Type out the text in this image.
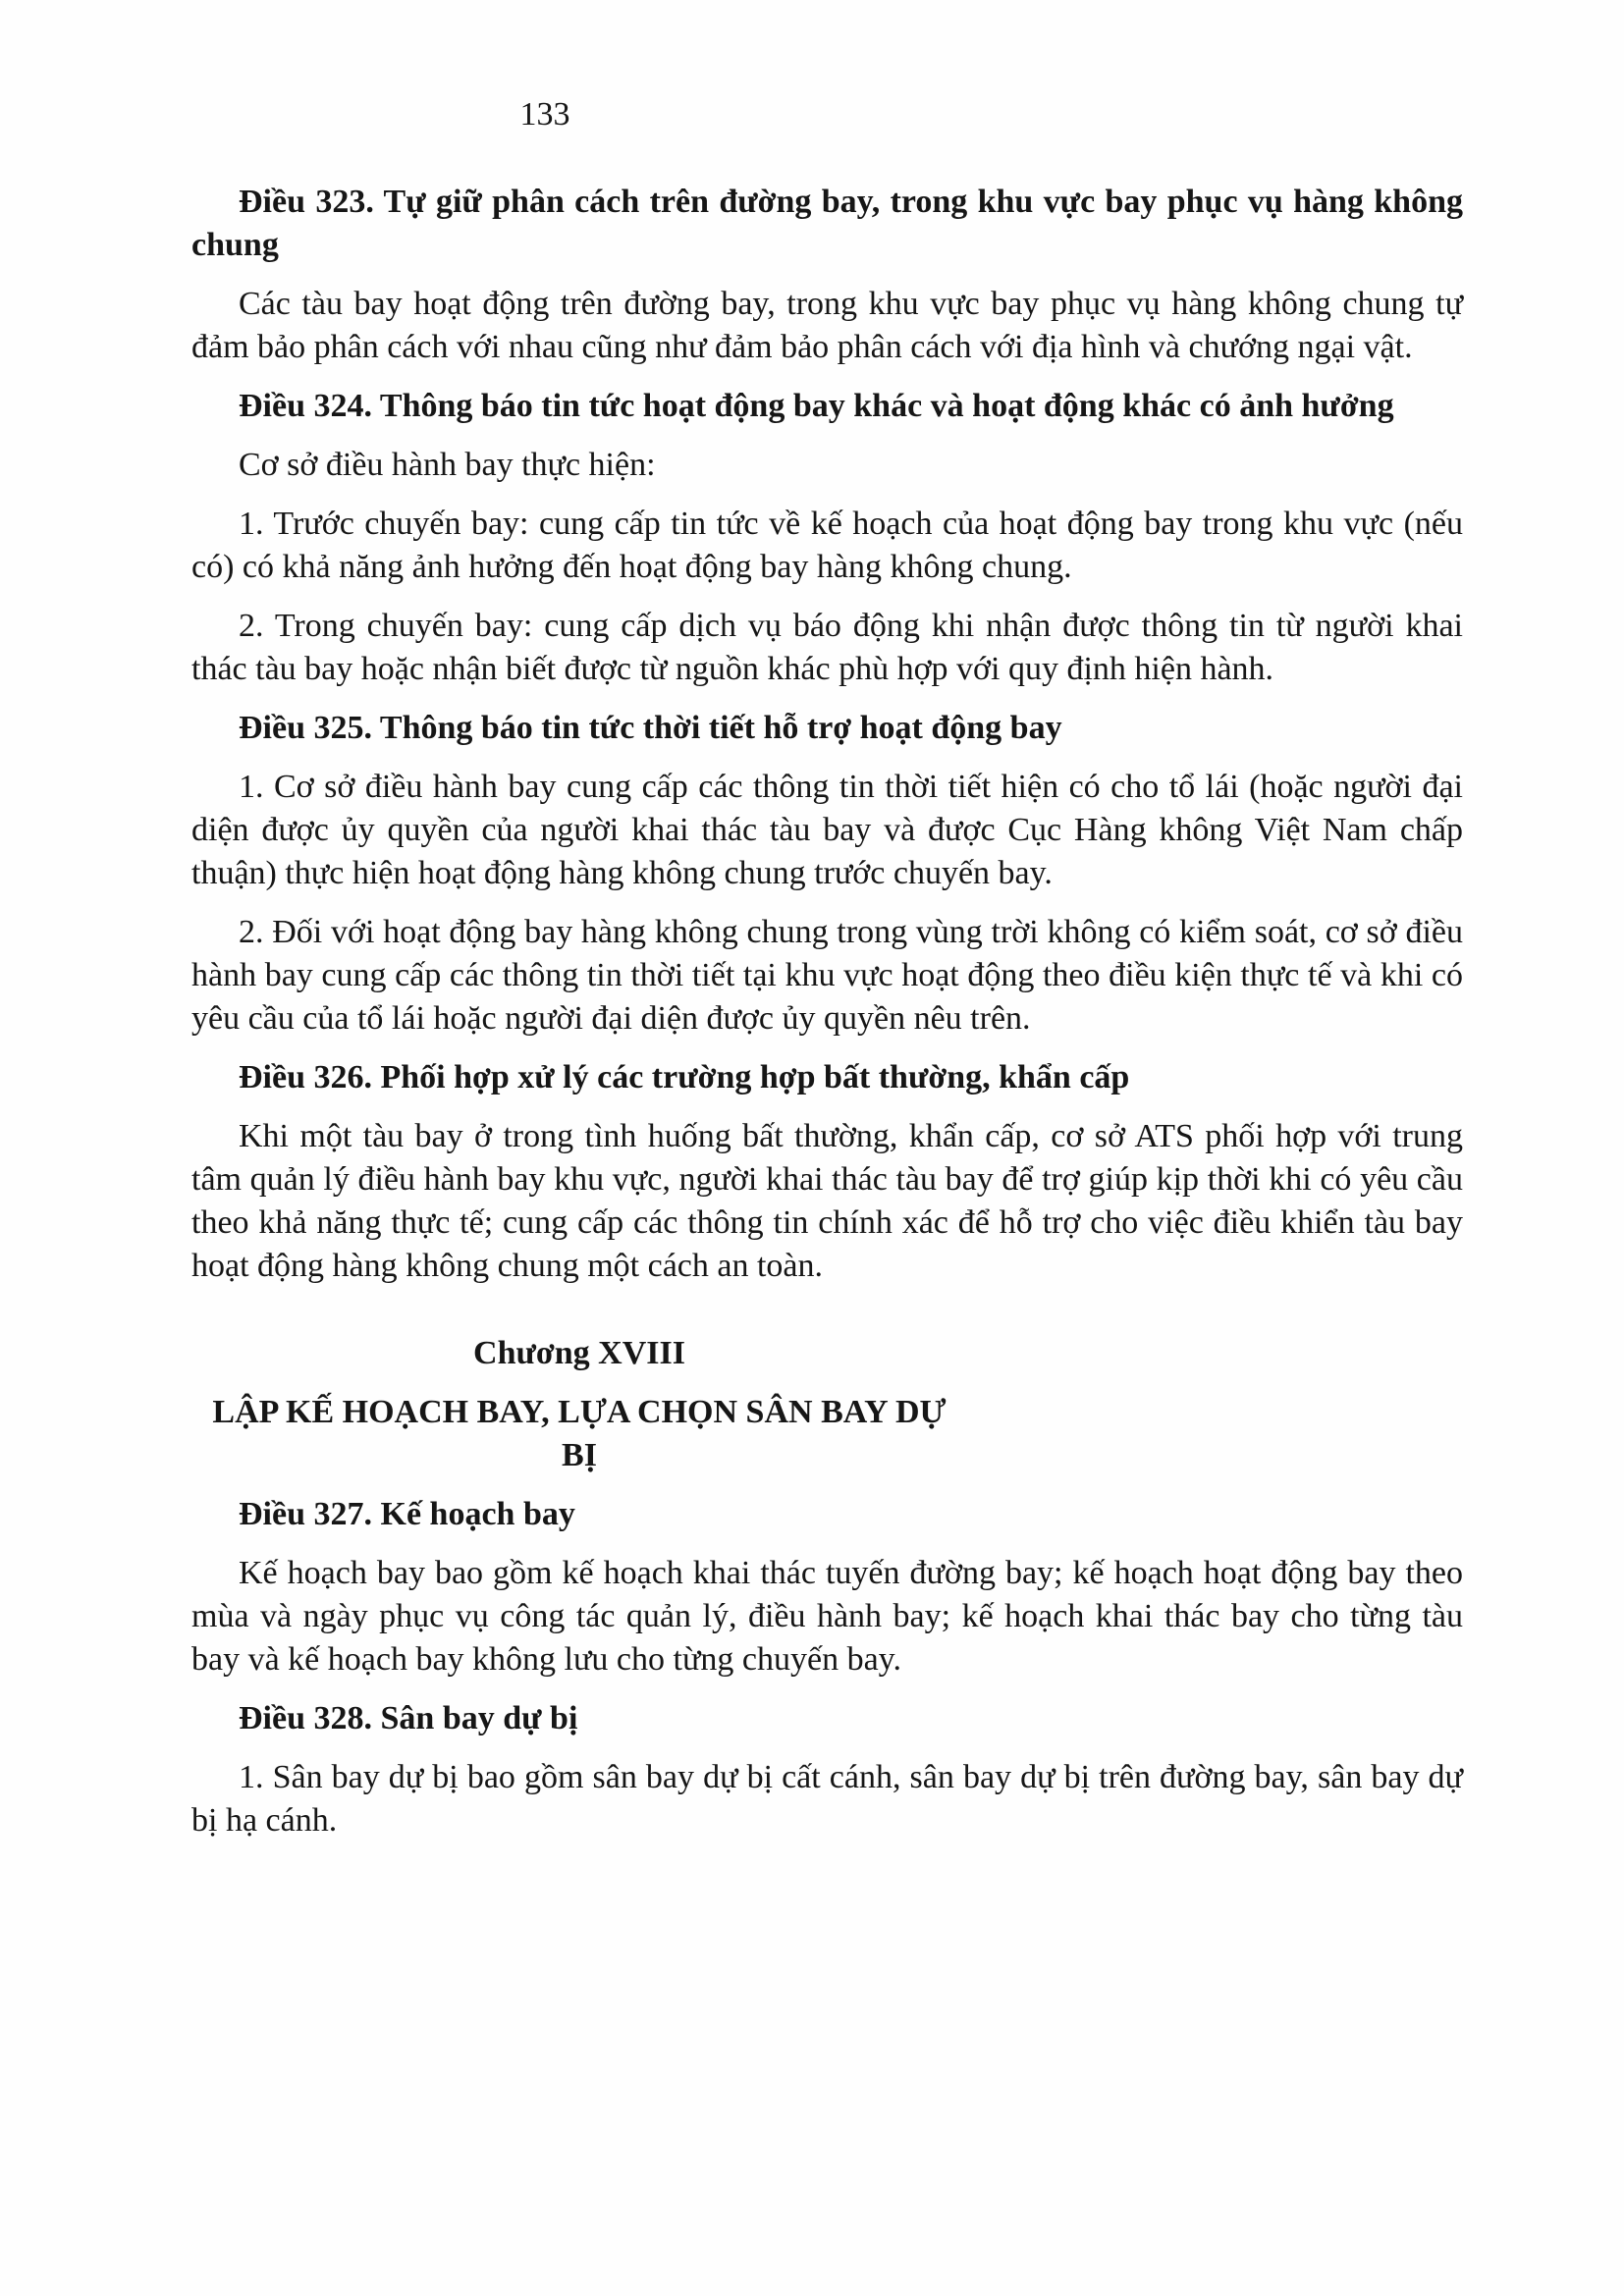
133
Điều 323. Tự giữ phân cách trên đường bay, trong khu vực bay phục vụ hàng không chung

Các tàu bay hoạt động trên đường bay, trong khu vực bay phục vụ hàng không chung tự đảm bảo phân cách với nhau cũng như đảm bảo phân cách với địa hình và chướng ngại vật.

Điều 324. Thông báo tin tức hoạt động bay khác và hoạt động khác có ảnh hưởng

Cơ sở điều hành bay thực hiện:

1. Trước chuyến bay: cung cấp tin tức về kế hoạch của hoạt động bay trong khu vực (nếu có) có khả năng ảnh hưởng đến hoạt động bay hàng không chung.

2. Trong chuyến bay: cung cấp dịch vụ báo động khi nhận được thông tin từ người khai thác tàu bay hoặc nhận biết được từ nguồn khác phù hợp với quy định hiện hành.

Điều 325. Thông báo tin tức thời tiết hỗ trợ hoạt động bay

1. Cơ sở điều hành bay cung cấp các thông tin thời tiết hiện có cho tổ lái (hoặc người đại diện được ủy quyền của người khai thác tàu bay và được Cục Hàng không Việt Nam chấp thuận) thực hiện hoạt động hàng không chung trước chuyến bay.

2. Đối với hoạt động bay hàng không chung trong vùng trời không có kiểm soát, cơ sở điều hành bay cung cấp các thông tin thời tiết tại khu vực hoạt động theo điều kiện thực tế và khi có yêu cầu của tổ lái hoặc người đại diện được ủy quyền nêu trên.

Điều 326. Phối hợp xử lý các trường hợp bất thường, khẩn cấp

Khi một tàu bay ở trong tình huống bất thường, khẩn cấp, cơ sở ATS phối hợp với trung tâm quản lý điều hành bay khu vực, người khai thác tàu bay để trợ giúp kịp thời khi có yêu cầu theo khả năng thực tế; cung cấp các thông tin chính xác để hỗ trợ cho việc điều khiển tàu bay hoạt động hàng không chung một cách an toàn.

Chương XVIII
LẬP KẾ HOẠCH BAY, LỰA CHỌN SÂN BAY DỰ BỊ
Điều 327. Kế hoạch bay

Kế hoạch bay bao gồm kế hoạch khai thác tuyến đường bay; kế hoạch hoạt động bay theo mùa và ngày phục vụ công tác quản lý, điều hành bay; kế hoạch khai thác bay cho từng tàu bay và kế hoạch bay không lưu cho từng chuyến bay.

Điều 328. Sân bay dự bị

1. Sân bay dự bị bao gồm sân bay dự bị cất cánh, sân bay dự bị trên đường bay, sân bay dự bị hạ cánh.
